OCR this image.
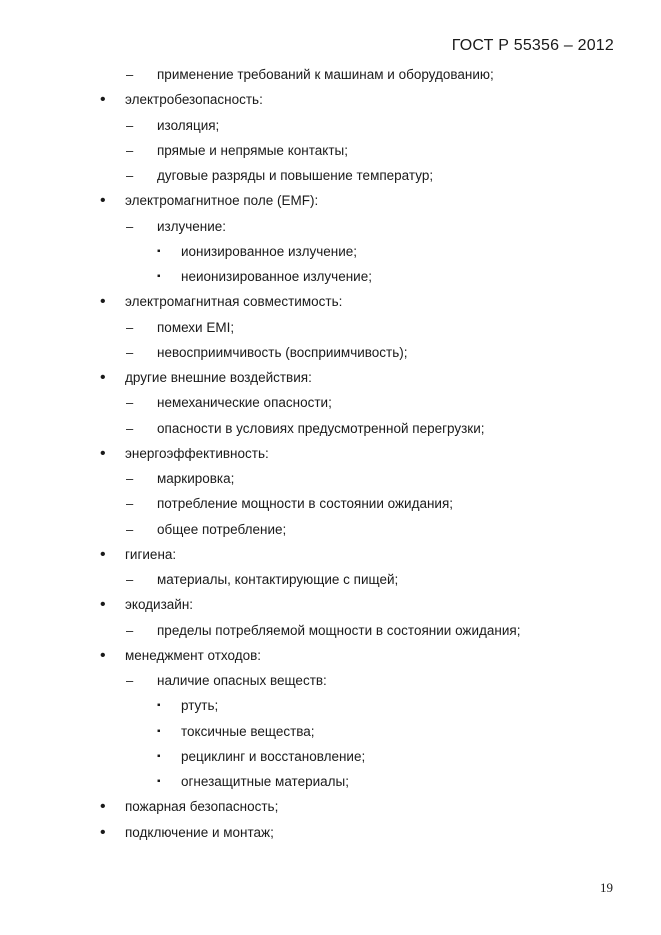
ГОСТ Р 55356 – 2012
– применение требований к машинам и оборудованию;
• электробезопасность:
– изоляция;
– прямые и непрямые контакты;
– дуговые разряды и повышение температур;
• электромагнитное поле (EMF):
– излучение:
▪ ионизированное излучение;
▪ неионизированное излучение;
• электромагнитная совместимость:
– помехи EMI;
– невосприимчивость (восприимчивость);
• другие внешние воздействия:
– немеханические опасности;
– опасности в условиях предусмотренной перегрузки;
• энергоэффективность:
– маркировка;
– потребление мощности в состоянии ожидания;
– общее потребление;
• гигиена:
– материалы, контактирующие с пищей;
• экодизайн:
– пределы потребляемой мощности в состоянии ожидания;
• менеджмент отходов:
– наличие опасных веществ:
▪ ртуть;
▪ токсичные вещества;
▪ рециклинг и восстановление;
▪ огнезащитные материалы;
• пожарная безопасность;
• подключение и монтаж;
19
